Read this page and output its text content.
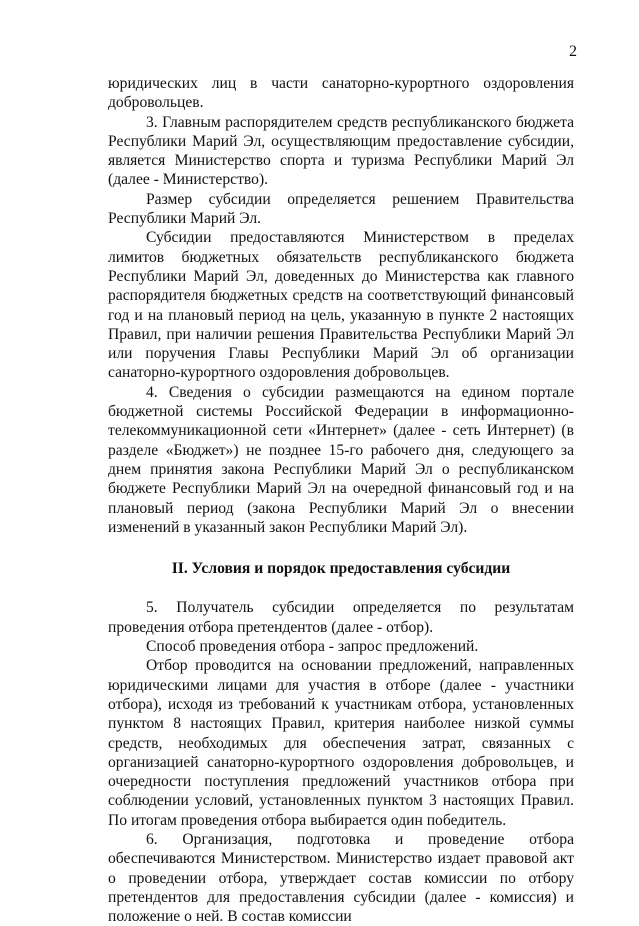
2

юридических лиц в части санаторно-курортного оздоровления добровольцев.

3. Главным распорядителем средств республиканского бюджета Республики Марий Эл, осуществляющим предоставление субсидии, является Министерство спорта и туризма Республики Марий Эл (далее - Министерство).

Размер субсидии определяется решением Правительства Республики Марий Эл.

Субсидии предоставляются Министерством в пределах лимитов бюджетных обязательств республиканского бюджета Республики Марий Эл, доведенных до Министерства как главного распорядителя бюджетных средств на соответствующий финансовый год и на плановый период на цель, указанную в пункте 2 настоящих Правил, при наличии решения Правительства Республики Марий Эл или поручения Главы Республики Марий Эл об организации санаторно-курортного оздоровления добровольцев.

4. Сведения о субсидии размещаются на едином портале бюджетной системы Российской Федерации в информационно-телекоммуникационной сети «Интернет» (далее - сеть Интернет) (в разделе «Бюджет») не позднее 15-го рабочего дня, следующего за днем принятия закона Республики Марий Эл о республиканском бюджете Республики Марий Эл на очередной финансовый год и на плановый период (закона Республики Марий Эл о внесении изменений в указанный закон Республики Марий Эл).

II. Условия и порядок предоставления субсидии

5. Получатель субсидии определяется по результатам проведения отбора претендентов (далее - отбор).

Способ проведения отбора - запрос предложений.

Отбор проводится на основании предложений, направленных юридическими лицами для участия в отборе (далее - участники отбора), исходя из требований к участникам отбора, установленных пунктом 8 настоящих Правил, критерия наиболее низкой суммы средств, необходимых для обеспечения затрат, связанных с организацией санаторно-курортного оздоровления добровольцев, и очередности поступления предложений участников отбора при соблюдении условий, установленных пунктом 3 настоящих Правил. По итогам проведения отбора выбирается один победитель.

6. Организация, подготовка и проведение отбора обеспечиваются Министерством. Министерство издает правовой акт о проведении отбора, утверждает состав комиссии по отбору претендентов для предоставления субсидии (далее - комиссия) и положение о ней. В состав комиссии
